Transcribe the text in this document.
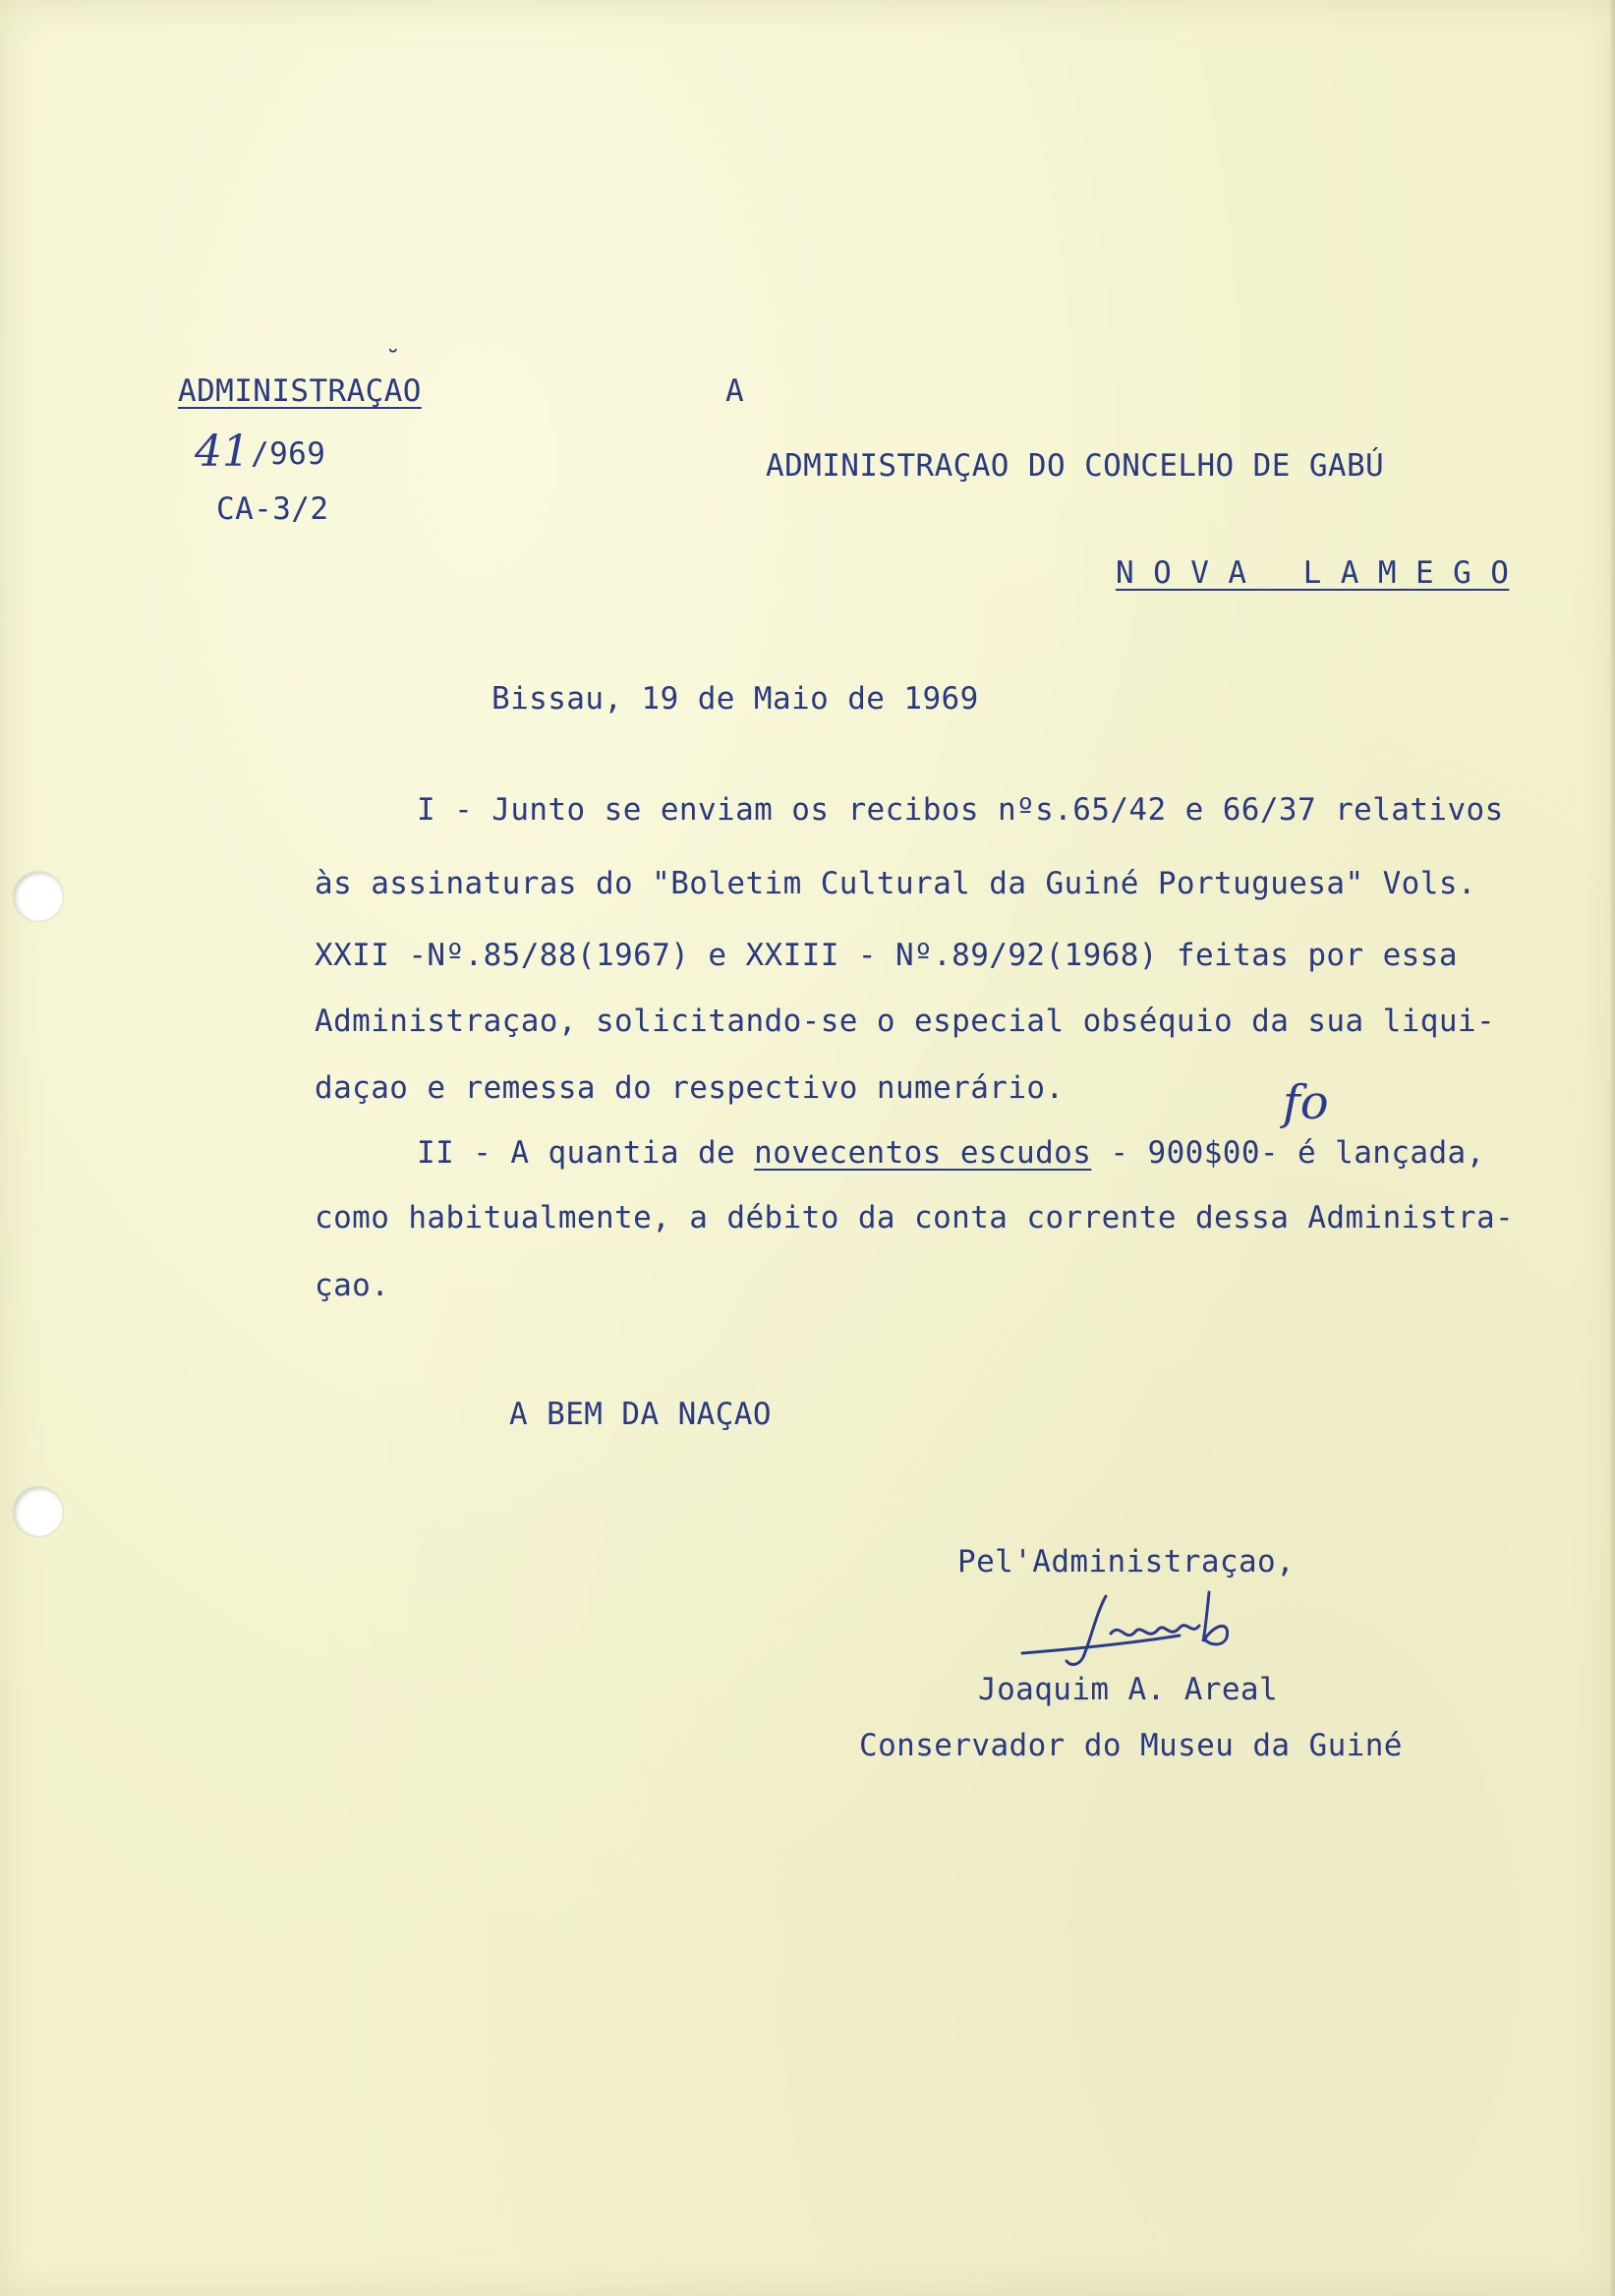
ADMINISTRAÇAO
˘
41 /969
CA-3/2
A
ADMINISTRAÇAO DO CONCELHO DE GABÚ
N O V A   L A M E G O
Bissau, 19 de Maio de 1969
I - Junto se enviam os recibos nºs.65/42 e 66/37 relativos
às assinaturas do "Boletim Cultural da Guiné Portuguesa" Vols.
XXII -Nº.85/88(1967) e XXIII - Nº.89/92(1968) feitas por essa
Administraçao, solicitando-se o especial obséquio da sua liqui-
daçao e remessa do respectivo numerário.
II - A quantia de novecentos escudos - 900$00- é lançada,
como habitualmente, a débito da conta corrente dessa Administra-
çao.
fo
A BEM DA NAÇAO
Pel'Administraçao,
Joaquim A. Areal
Conservador do Museu da Guiné
